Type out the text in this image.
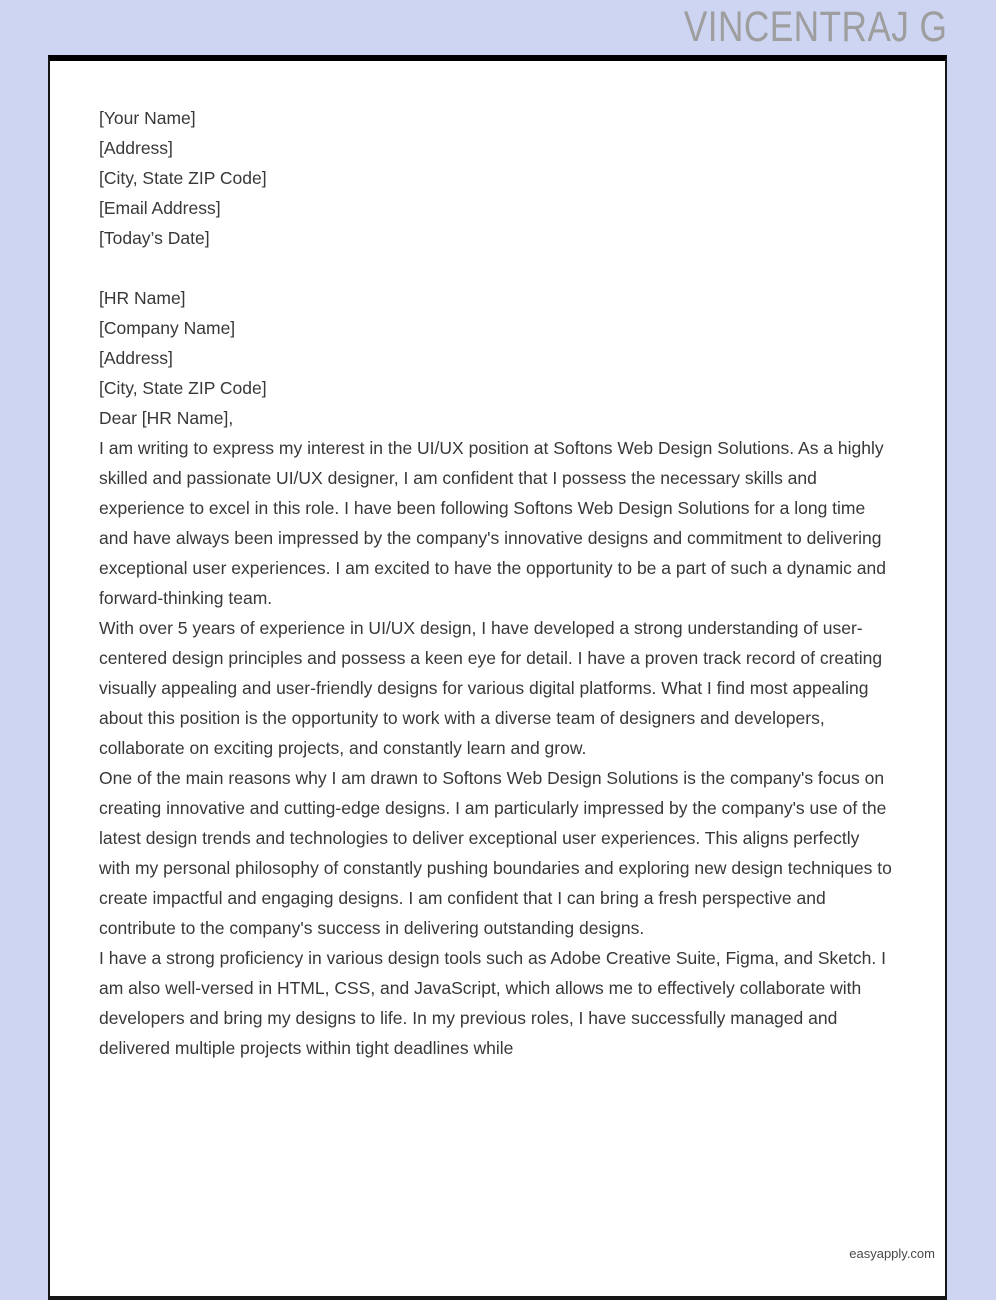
VINCENTRAJ G

[Your Name]

[Address]

[City, State ZIP Code]

[Email Address]

[Today’s Date]

[HR Name]

[Company Name]

[Address]

[City, State ZIP Code]

Dear [HR Name],

I am writing to express my interest in the UI/UX position at Softons Web Design Solutions. As a highly skilled and passionate UI/UX designer, I am confident that I possess the necessary skills and experience to excel in this role. I have been following Softons Web Design Solutions for a long time and have always been impressed by the company's innovative designs and commitment to delivering exceptional user experiences. I am excited to have the opportunity to be a part of such a dynamic and forward-thinking team.

With over 5 years of experience in UI/UX design, I have developed a strong understanding of user-centered design principles and possess a keen eye for detail. I have a proven track record of creating visually appealing and user-friendly designs for various digital platforms. What I find most appealing about this position is the opportunity to work with a diverse team of designers and developers, collaborate on exciting projects, and constantly learn and grow.

One of the main reasons why I am drawn to Softons Web Design Solutions is the company's focus on creating innovative and cutting-edge designs. I am particularly impressed by the company's use of the latest design trends and technologies to deliver exceptional user experiences. This aligns perfectly with my personal philosophy of constantly pushing boundaries and exploring new design techniques to create impactful and engaging designs. I am confident that I can bring a fresh perspective and contribute to the company's success in delivering outstanding designs.

I have a strong proficiency in various design tools such as Adobe Creative Suite, Figma, and Sketch. I am also well-versed in HTML, CSS, and JavaScript, which allows me to effectively collaborate with developers and bring my designs to life. In my previous roles, I have successfully managed and delivered multiple projects within tight deadlines while

easyapply.com
